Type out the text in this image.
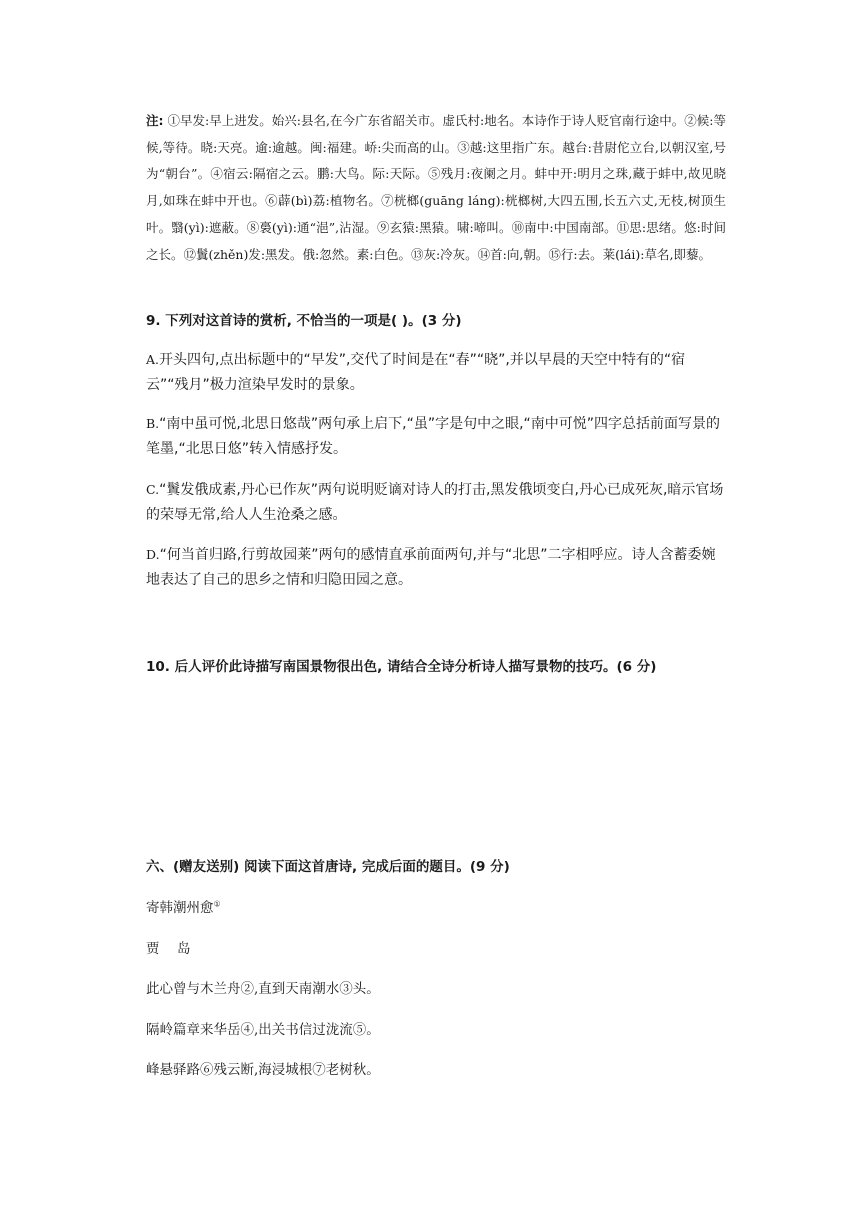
注: ①早发:早上进发。始兴:县名,在今广东省韶关市。虚氏村:地名。本诗作于诗人贬官南行途中。②候:等候,等待。晓:天亮。逾:逾越。闽:福建。峤:尖而高的山。③越:这里指广东。越台:昔尉佗立台,以朝汉室,号为“朝台”。④宿云:隔宿之云。鹏:大鸟。际:天际。⑤残月:夜阑之月。蚌中开:明月之珠,藏于蚌中,故见晓月,如珠在蚌中开也。⑥薜(bì)荔:植物名。⑦桄榔(guāng láng):桄榔树,大四五围,长五六丈,无枝,树顶生叶。翳(yì):遮蔽。⑧裛(yì):通“浥”,沾湿。⑨玄猿:黑猿。啸:啼叫。⑩南中:中国南部。⑪思:思绪。悠:时间之长。⑫鬒(zhěn)发:黑发。俄:忽然。素:白色。⑬灰:冷灰。⑭首:向,朝。⑮行:去。莱(lái):草名,即藜。
9. 下列对这首诗的赏析, 不恰当的一项是( )。(3 分)
A.开头四句,点出标题中的“早发”,交代了时间是在“春”“晓”,并以早晨的天空中特有的“宿云”“残月”极力渲染早发时的景象。
B.“南中虽可悦,北思日悠哉”两句承上启下,“虽”字是句中之眼,“南中可悦”四字总括前面写景的笔墨,“北思日悠”转入情感抒发。
C.“鬒发俄成素,丹心已作灰”两句说明贬谪对诗人的打击,黑发俄顷变白,丹心已成死灰,暗示官场的荣辱无常,给人人生沧桑之感。
D.“何当首归路,行剪故园莱”两句的感情直承前面两句,并与“北思”二字相呼应。诗人含蓄委婉地表达了自己的思乡之情和归隐田园之意。
10. 后人评价此诗描写南国景物很出色, 请结合全诗分析诗人描写景物的技巧。(6 分)
六、(赠友送别) 阅读下面这首唐诗, 完成后面的题目。(9 分)
寄韩潮州愈①
贾　岛
此心曾与木兰舟②,直到天南潮水③头。
隔岭篇章来华岳④,出关书信过泷流⑤。
峰悬驿路⑥残云断,海浸城根⑦老树秋。
